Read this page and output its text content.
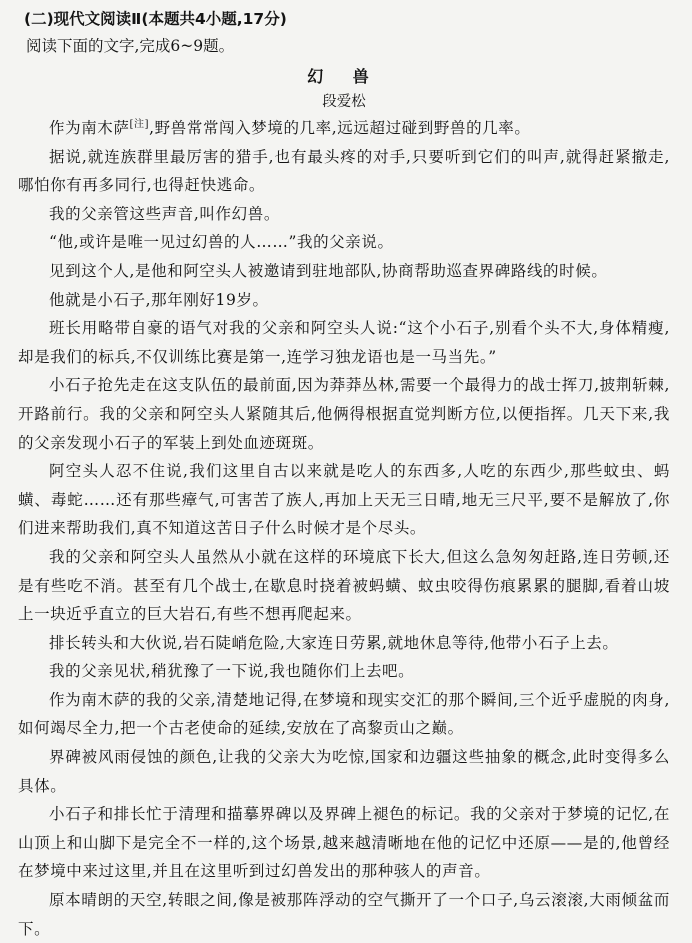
(二)现代文阅读Ⅱ(本题共4小题,17分)
阅读下面的文字,完成6~9题。
幻 兽
段爱松

作为南木萨[注],野兽常常闯入梦境的几率,远远超过碰到野兽的几率。

据说,就连族群里最厉害的猎手,也有最头疼的对手,只要听到它们的叫声,就得赶紧撤走,哪怕你有再多同行,也得赶快逃命。

我的父亲管这些声音,叫作幻兽。

“他,或许是唯一见过幻兽的人……”我的父亲说。

见到这个人,是他和阿空头人被邀请到驻地部队,协商帮助巡查界碑路线的时候。

他就是小石子,那年刚好19岁。

班长用略带自豪的语气对我的父亲和阿空头人说:“这个小石子,别看个头不大,身体精瘦,却是我们的标兵,不仅训练比赛是第一,连学习独龙语也是一马当先。”

小石子抢先走在这支队伍的最前面,因为莽莽丛林,需要一个最得力的战士挥刀,披荆斩棘,开路前行。我的父亲和阿空头人紧随其后,他俩得根据直觉判断方位,以便指挥。几天下来,我的父亲发现小石子的军装上到处血迹斑斑。

阿空头人忍不住说,我们这里自古以来就是吃人的东西多,人吃的东西少,那些蚊虫、蚂蟥、毒蛇……还有那些瘴气,可害苦了族人,再加上天无三日晴,地无三尺平,要不是解放了,你们进来帮助我们,真不知道这苦日子什么时候才是个尽头。

我的父亲和阿空头人虽然从小就在这样的环境底下长大,但这么急匆匆赶路,连日劳顿,还是有些吃不消。甚至有几个战士,在歇息时挠着被蚂蟥、蚊虫咬得伤痕累累的腿脚,看着山坡上一块近乎直立的巨大岩石,有些不想再爬起来。

排长转头和大伙说,岩石陡峭危险,大家连日劳累,就地休息等待,他带小石子上去。

我的父亲见状,稍犹豫了一下说,我也随你们上去吧。

作为南木萨的我的父亲,清楚地记得,在梦境和现实交汇的那个瞬间,三个近乎虚脱的肉身,如何竭尽全力,把一个古老使命的延续,安放在了高黎贡山之巅。

界碑被风雨侵蚀的颜色,让我的父亲大为吃惊,国家和边疆这些抽象的概念,此时变得多么具体。

小石子和排长忙于清理和描摹界碑以及界碑上褪色的标记。我的父亲对于梦境的记忆,在山顶上和山脚下是完全不一样的,这个场景,越来越清晰地在他的记忆中还原——是的,他曾经在梦境中来过这里,并且在这里听到过幻兽发出的那种骇人的声音。

原本晴朗的天空,转眼之间,像是被那阵浮动的空气撕开了一个口子,乌云滚滚,大雨倾盆而下。
